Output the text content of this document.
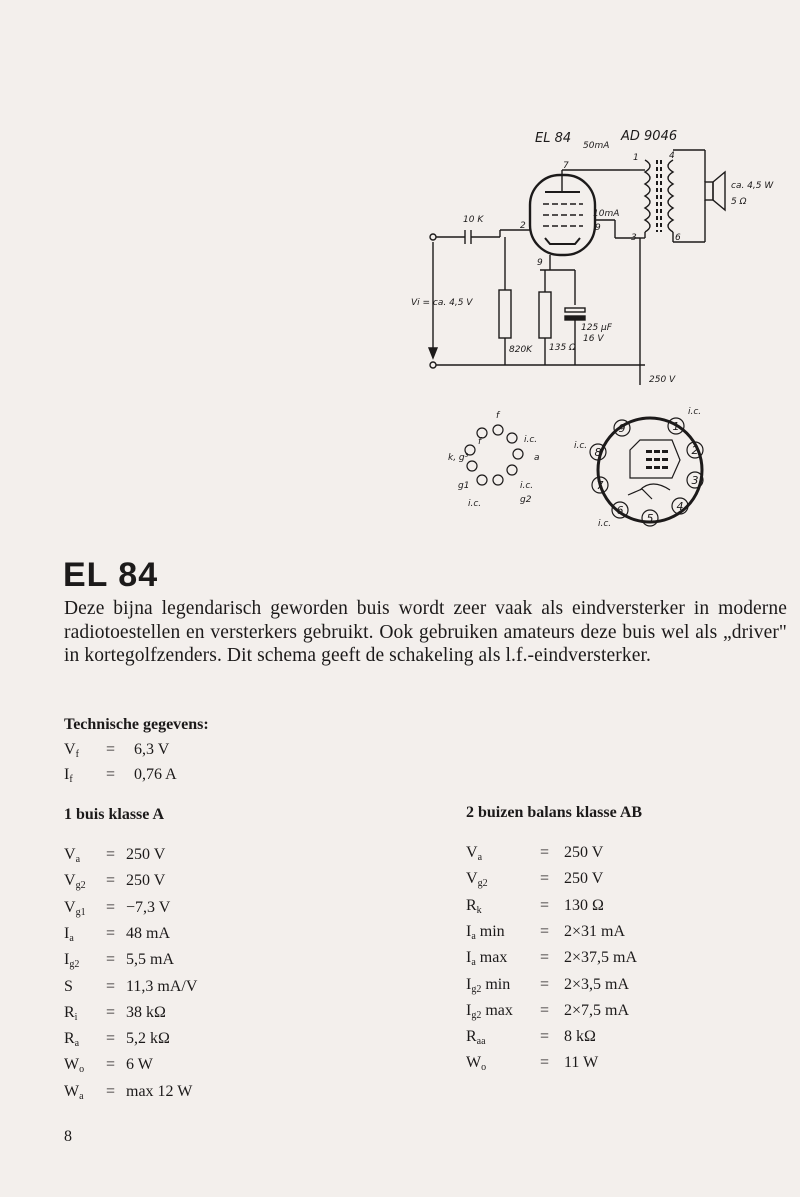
EL 84 50mA
AD 9046
10 K
Vi = ca. 4,5 V
10mA
820K 135 Ω
125 µF
16 V
ca. 4,5 W
5 Ω
250 V
7
2	9
9
3
1	4
6
f
i.c.
f
k, g³	a
g1	i.c.
i.c.	g2
i.c.
i.c.
i.c.
1
2
3
4
5
6
7
8
9
EL 84

Deze bijna legendarisch geworden buis wordt zeer vaak als eindversterker in moderne radiotoestellen en versterkers gebruikt. Ook gebruiken amateurs deze buis wel als „driver" in kortegolfzenders. Dit schema geeft de schakeling als l.f.-eindversterker.

Technische gegevens:

$V_f = 6,3$ V
$I_f = 0,76$ A

1 buis klasse A

$V_a = 250$ V
$V_{g2} = 250$ V
$V_{g1} = -7,3$ V
$I_a = 48$ mA
$I_{g2} = 5,5$ mA
S = 11,3 mA/V
$R_i = 38$ kΩ
$R_a = 5,2$ kΩ
$W_o = 6$ W
$W_a = \max 12$ W

2 buizen balans klasse AB

$V_a$	= 250 V
$V_{g2}$	= 250 V
$R_k$	= 130 Ω
$I_a$ min = 2×31 mA
$I_a$ max = 2×37,5 mA
$I_{g2}$ min = 2×3,5 mA
$I_{g2}$ max = 2×7,5 mA
$R_{aa}$	= 8 kΩ
$W_o$	= 11 W
8
